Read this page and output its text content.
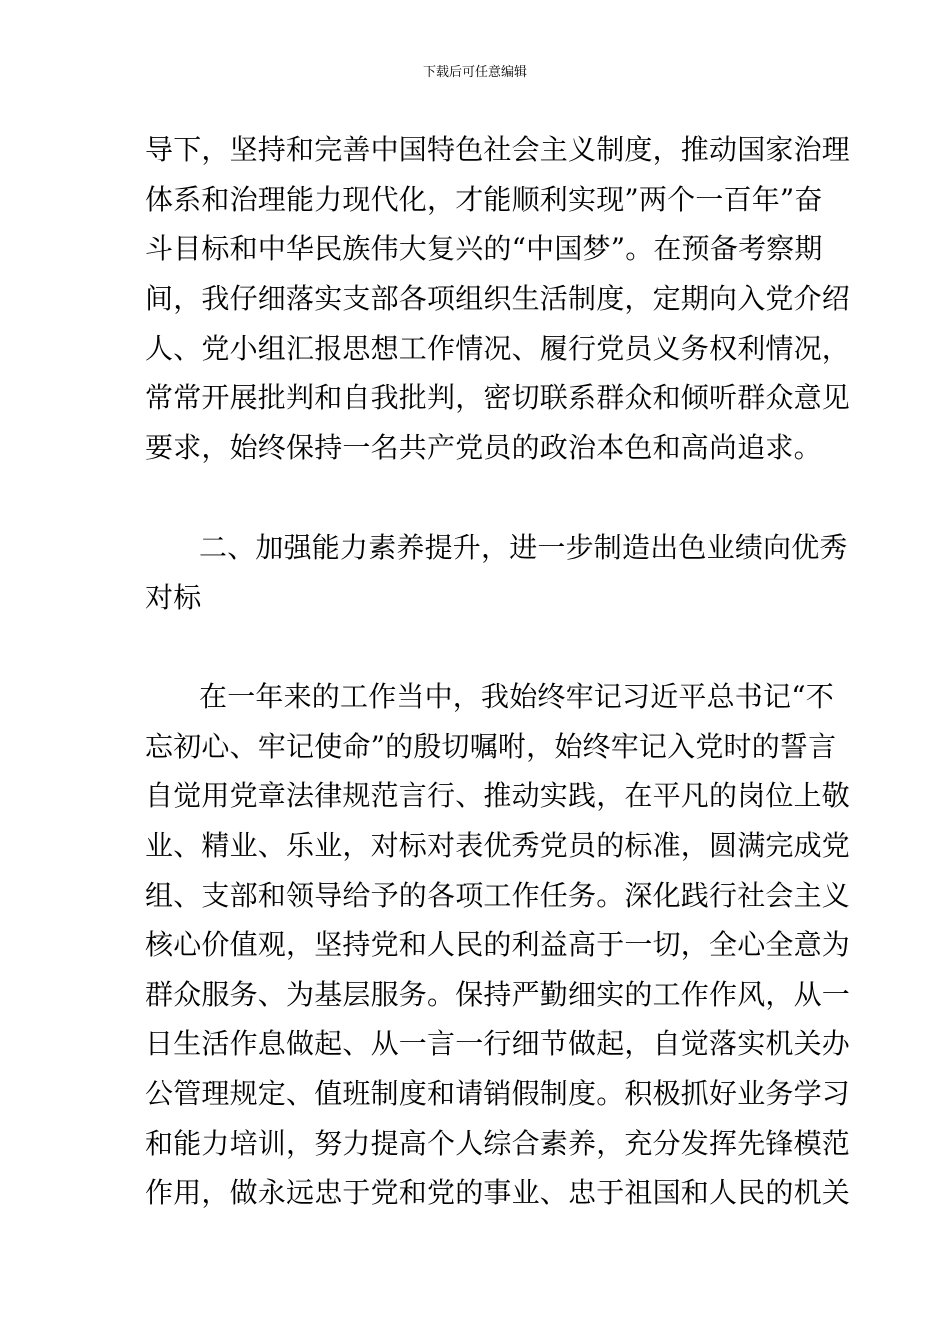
下载后可任意编辑
导下，坚持和完善中国特色社会主义制度，推动国家治理
体系和治理能力现代化，才能顺利实现”两个一百年”奋
斗目标和中华民族伟大复兴的“中国梦”。在预备考察期
间，我仔细落实支部各项组织生活制度，定期向入党介绍
人、党小组汇报思想工作情况、履行党员义务权利情况，
常常开展批判和自我批判，密切联系群众和倾听群众意见
要求，始终保持一名共产党员的政治本色和高尚追求。
二、加强能力素养提升，进一步制造出色业绩向优秀
对标
在一年来的工作当中，我始终牢记习近平总书记“不
忘初心、牢记使命”的殷切嘱咐，始终牢记入党时的誓言
自觉用党章法律规范言行、推动实践，在平凡的岗位上敬
业、精业、乐业，对标对表优秀党员的标准，圆满完成党
组、支部和领导给予的各项工作任务。深化践行社会主义
核心价值观，坚持党和人民的利益高于一切，全心全意为
群众服务、为基层服务。保持严勤细实的工作作风，从一
日生活作息做起、从一言一行细节做起，自觉落实机关办
公管理规定、值班制度和请销假制度。积极抓好业务学习
和能力培训，努力提高个人综合素养，充分发挥先锋模范
作用，做永远忠于党和党的事业、忠于祖国和人民的机关
